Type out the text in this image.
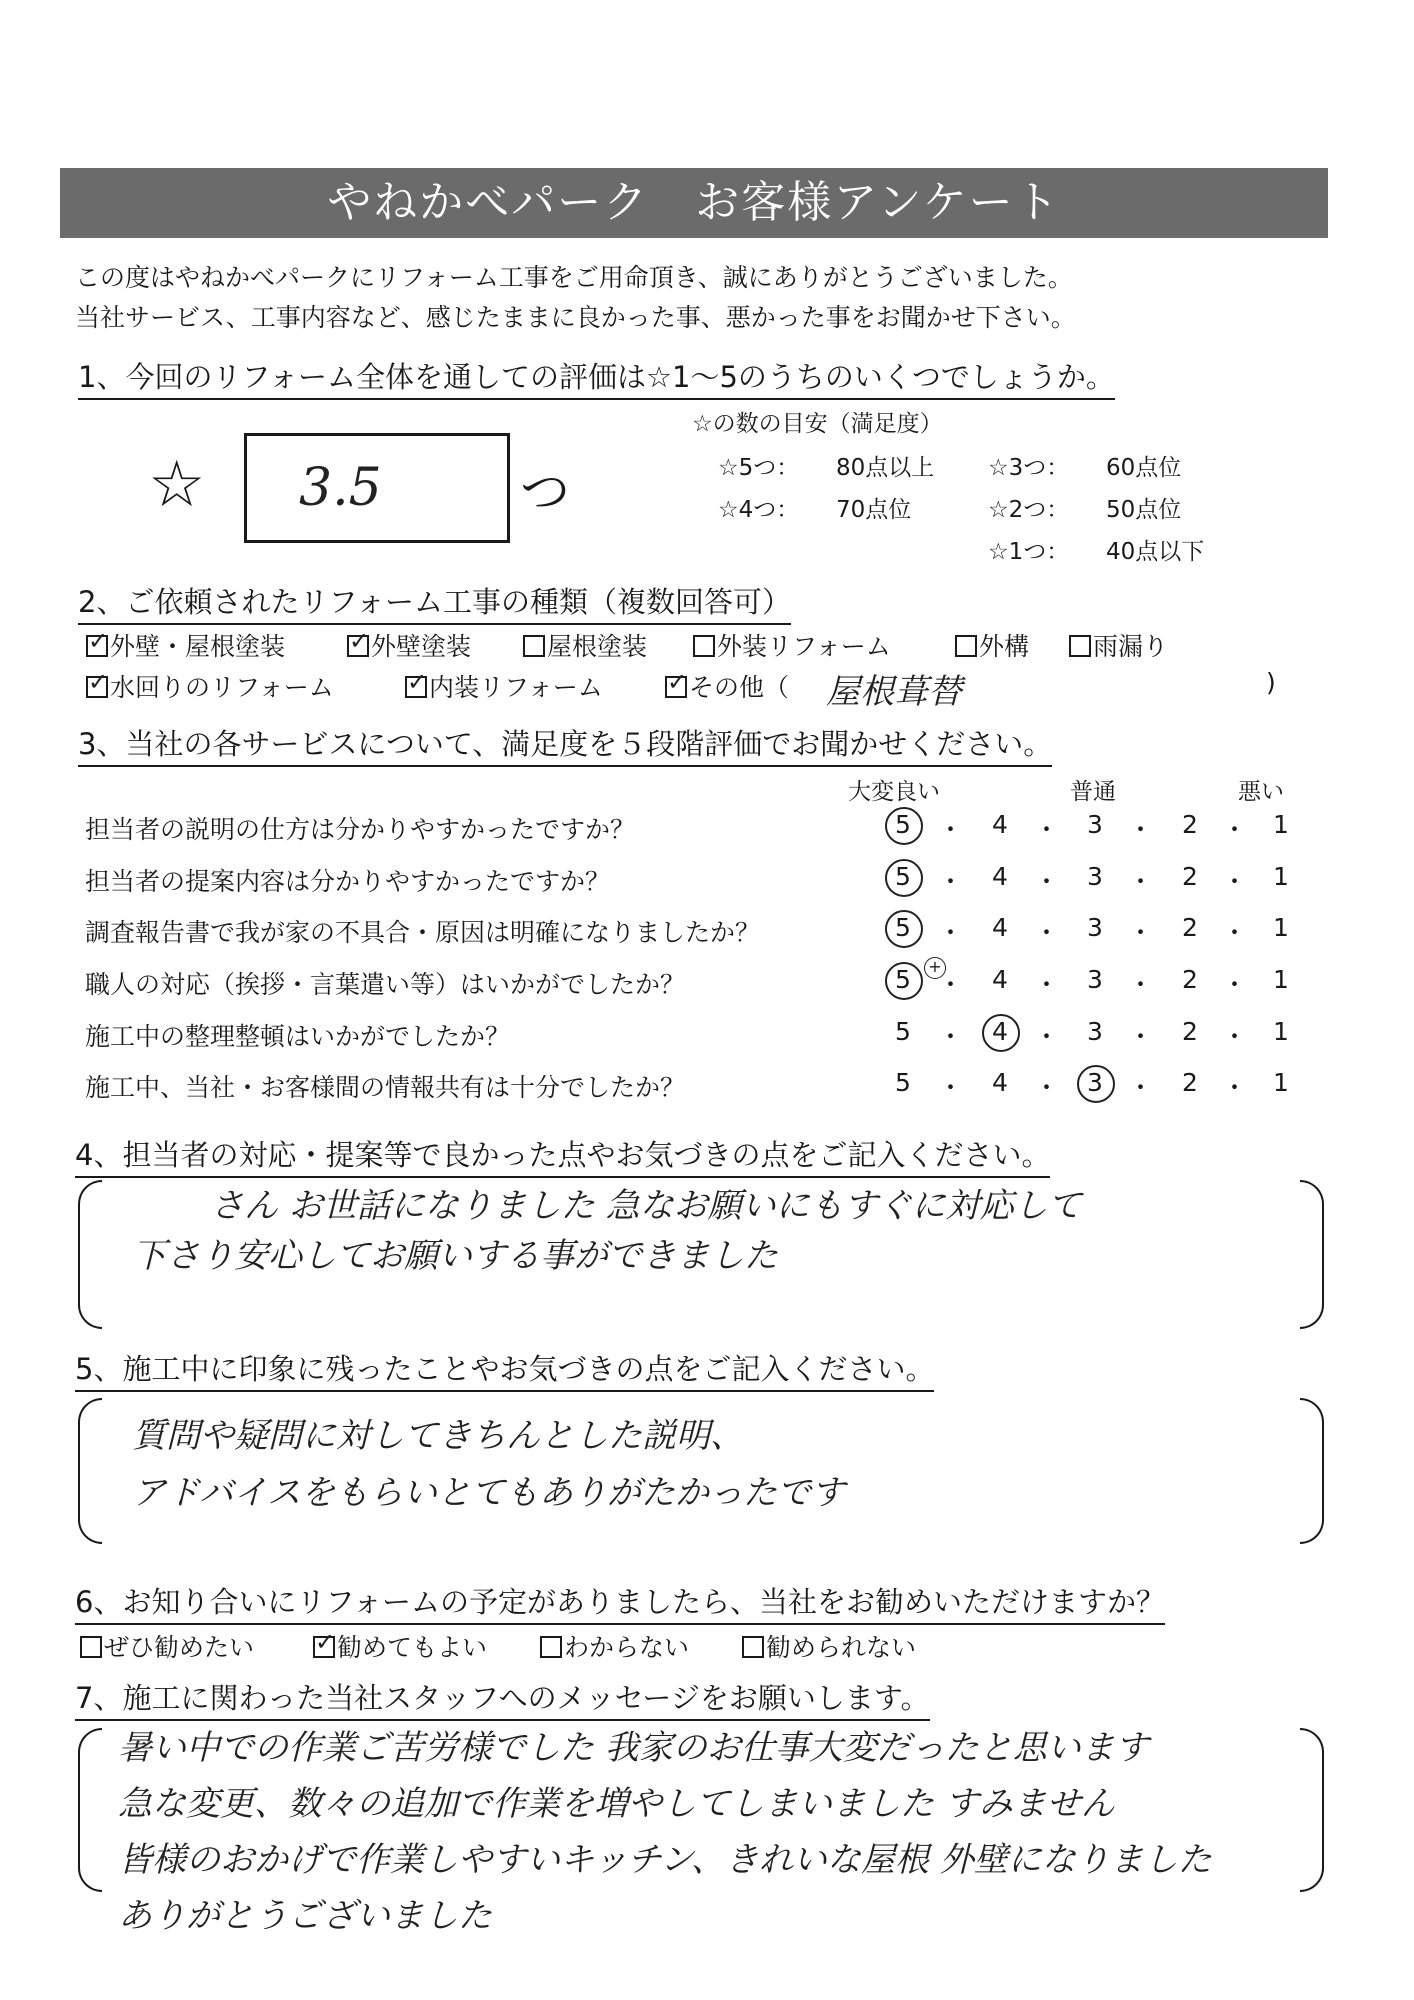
やねかべパーク　お客様アンケート
この度はやねかべパークにリフォーム工事をご用命頂き、誠にありがとうございました。
当社サービス、工事内容など、感じたままに良かった事、悪かった事をお聞かせ下さい。
1、今回のリフォーム全体を通しての評価は☆1～5のうちのいくつでしょうか。
☆ 3.5	つ
☆の数の目安（満足度）
☆5つ： 80点以上 ☆3つ： 60点位
☆4つ： 70点位	☆2つ： 50点位
☆1つ： 40点以下
2、ご依頼されたリフォーム工事の種類（複数回答可）
✓外壁・屋根塗装 ✓	外壁塗装	屋根塗装	外装リフォーム	外構	雨漏り
✓水回りのリフォーム ✓	内装リフォーム ✓	その他（ 屋根葺替	)
3、当社の各サービスについて、満足度を５段階評価でお聞かせください。
大変良い	普通	悪い
担当者の説明の仕方は分かりやすかったですか？	5 ・ 4 ・ 3 ・ 2 ・ 1
担当者の提案内容は分かりやすかったですか？	5 ・ 4 ・ 3 ・ 2 ・ 1
調査報告書で我が家の不具合・原因は明確になりましたか？	5 ・ 4 ・ 3 ・ 2 ・ 1
職人の対応（挨拶・言葉遣い等）はいかがでしたか？	5 ・ 4 ・ 3 ・ 2 ・ 1
+
施工中の整理整頓はいかがでしたか？	5 ・ 4 ・ 3 ・ 2 ・ 1
施工中、当社・お客様間の情報共有は十分でしたか？	5 ・ 4 ・ 3 ・ 2 ・ 1
4、担当者の対応・提案等で良かった点やお気づきの点をご記入ください。
さん お世話になりました 急なお願いにもすぐに対応して
下さり安心してお願いする事ができました
5、施工中に印象に残ったことやお気づきの点をご記入ください。
質問や疑問に対してきちんとした説明、
アドバイスをもらいとてもありがたかったです
6、お知り合いにリフォームの予定がありましたら、当社をお勧めいただけますか？
ぜひ勧めたい ✓	勧めてもよい	わからない	勧められない
7、施工に関わった当社スタッフへのメッセージをお願いします。
暑い中での作業ご苦労様でした 我家のお仕事大変だったと思います
急な変更、数々の追加で作業を増やしてしまいました すみません
皆様のおかげで作業しやすいキッチン、きれいな屋根 外壁になりました
ありがとうございました
